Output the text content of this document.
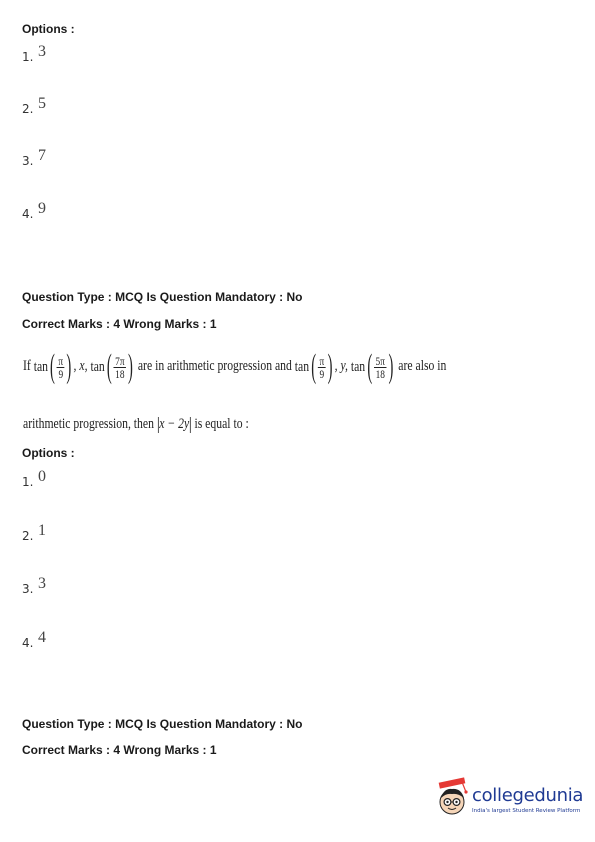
Options :
1. 3
2. 5
3. 7
4. 9
Question Type : MCQ Is Question Mandatory : No
Correct Marks : 4 Wrong Marks : 1
If $\tan( \frac{\pi}{9}$ ) , x, $\tan( \frac{7\pi}{18}$ ) are in arithmetic progression and $\tan( \frac{\pi}{9}$ ) , y, $\tan( \frac{5\pi}{18}$ ) are also in
arithmetic progression, then x − 2y is equal to :
Options :
1. 0
2. 1
3. 3
4. 4
Question Type : MCQ Is Question Mandatory : No
Correct Marks : 4 Wrong Marks : 1
collegedunia
India's largest Student Review Platform
